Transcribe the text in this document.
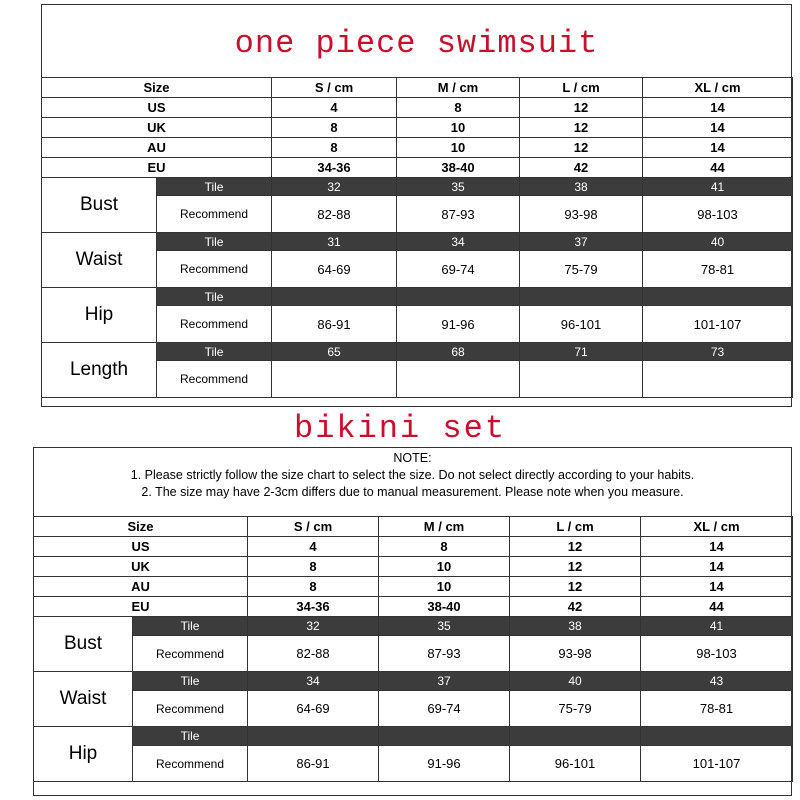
one piece swimsuit
Size		S / cm	M / cm	L / cm	XL / cm
US		4	8	12	14
UK		8	10	12	14
AU		8	10	12	14
EU		34-36	38-40	42	44
Bust	Tile	32	35	38	41
	Recommend	82-88	87-93	93-98	98-103
Waist	Tile	31	34	37	40
	Recommend	64-69	69-74	75-79	78-81
Hip	Tile				
	Recommend	86-91	91-96	96-101	101-107
Length	Tile	65	68	71	73
	Recommend				
bikini set
NOTE:
1. Please strictly follow the size chart to select the size. Do not select directly according to your habits.
2. The size may have 2-3cm differs due to manual measurement. Please note when you measure.
Size		S / cm	M / cm	L / cm	XL / cm
US		4	8	12	14
UK		8	10	12	14
AU		8	10	12	14
EU		34-36	38-40	42	44
Bust	Tile	32	35	38	41
	Recommend	82-88	87-93	93-98	98-103
Waist	Tile	34	37	40	43
	Recommend	64-69	69-74	75-79	78-81
Hip	Tile				
	Recommend	86-91	91-96	96-101	101-107
